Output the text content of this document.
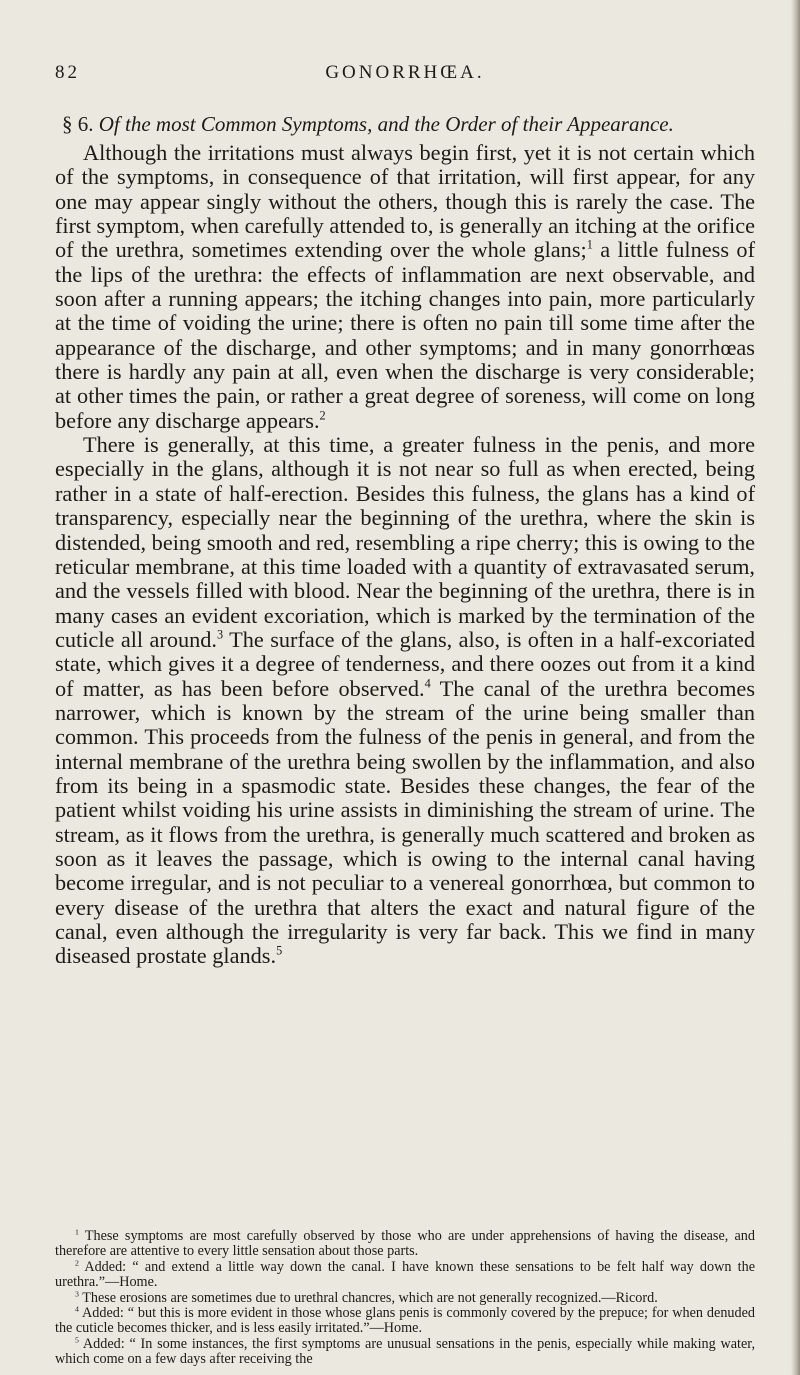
82	GONORRHŒA.
§ 6. Of the most Common Symptoms, and the Order of their Appearance.

Although the irritations must always begin first, yet it is not certain which of the symptoms, in consequence of that irritation, will first appear, for any one may appear singly without the others, though this is rarely the case. The first symptom, when carefully attended to, is generally an itching at the orifice of the urethra, sometimes extending over the whole glans;$^1$ a little fulness of the lips of the urethra: the effects of inflammation are next observable, and soon after a running appears; the itching changes into pain, more particularly at the time of voiding the urine; there is often no pain till some time after the appearance of the discharge, and other symptoms; and in many gonorrhœas there is hardly any pain at all, even when the discharge is very considerable; at other times the pain, or rather a great degree of soreness, will come on long before any discharge appears.$^2$

There is generally, at this time, a greater fulness in the penis, and more especially in the glans, although it is not near so full as when erected, being rather in a state of half-erection. Besides this fulness, the glans has a kind of transparency, especially near the beginning of the urethra, where the skin is distended, being smooth and red, resembling a ripe cherry; this is owing to the reticular membrane, at this time loaded with a quantity of extravasated serum, and the vessels filled with blood. Near the beginning of the urethra, there is in many cases an evident excoriation, which is marked by the termination of the cuticle all around.$^3$ The surface of the glans, also, is often in a half-excoriated state, which gives it a degree of tenderness, and there oozes out from it a kind of matter, as has been before observed.$^4$ The canal of the urethra becomes narrower, which is known by the stream of the urine being smaller than common. This proceeds from the fulness of the penis in general, and from the internal membrane of the urethra being swollen by the inflammation, and also from its being in a spasmodic state. Besides these changes, the fear of the patient whilst voiding his urine assists in diminishing the stream of urine. The stream, as it flows from the urethra, is generally much scattered and broken as soon as it leaves the passage, which is owing to the internal canal having become irregular, and is not peculiar to a venereal gonorrhœa, but common to every disease of the urethra that alters the exact and natural figure of the canal, even although the irregularity is very far back. This we find in many diseased prostate glands.$^5$

$^1$ These symptoms are most carefully observed by those who are under apprehensions of having the disease, and therefore are attentive to every little sensation about those parts.

$^2$ Added: “ and extend a little way down the canal. I have known these sensations to be felt half way down the urethra.”—Home.

$^3$ These erosions are sometimes due to urethral chancres, which are not generally recognized.—Ricord.

$^4$ Added: “ but this is more evident in those whose glans penis is commonly covered by the prepuce; for when denuded the cuticle becomes thicker, and is less easily irritated.”—Home.

$^5$ Added: “ In some instances, the first symptoms are unusual sensations in the penis, especially while making water, which come on a few days after receiving the
